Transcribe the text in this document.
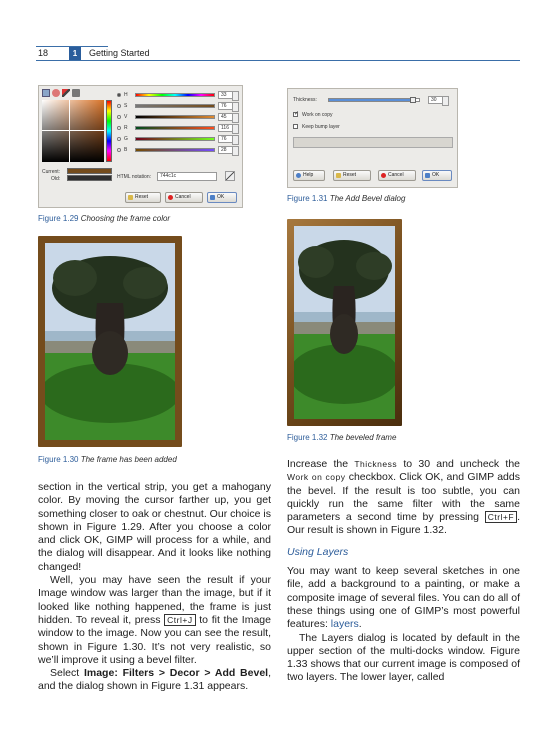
18	1	Getting Started
H	33
S	76
V	45
R	116
G	76
B	28
Current:
Old:	HTML notation:	744c1c
Reset	Cancel	OK
Figure 1.29 Choosing the frame color
Thickness:	30
✓ Work on copy
Keep bump layer
Help	Reset	Cancel	OK
Figure 1.31 The Add Bevel dialog
Figure 1.30 The frame has been added
Figure 1.32 The beveled frame

section in the vertical strip, you get a mahogany color. By moving the cursor farther up, you get something closer to oak or chestnut. Our choice is shown in Figure 1.29. After you choose a color and click OK, GIMP will process for a while, and the dialog will disappear. And it looks like nothing changed!

Well, you may have seen the result if your Image window was larger than the image, but if it looked like nothing happened, the frame is just hidden. To reveal it, press Ctrl+J to fit the Image window to the image. Now you can see the result, shown in Figure 1.30. It’s not very realistic, so we’ll improve it using a bevel filter.

Select Image: Filters > Decor > Add Bevel, and the dialog shown in Figure 1.31 appears.

Increase the Thickness to 30 and uncheck the Work on copy checkbox. Click OK, and GIMP adds the bevel. If the result is too subtle, you can quickly run the same filter with the same parameters a second time by pressing Ctrl+F . Our result is shown in Figure 1.32.

Using Layers

You may want to keep several sketches in one file, add a background to a painting, or make a composite image of several files. You can do all of these things using one of GIMP’s most powerful features: layers.

The Layers dialog is located by default in the upper section of the multi-docks window. Figure 1.33 shows that our current image is composed of two layers. The lower layer, called
